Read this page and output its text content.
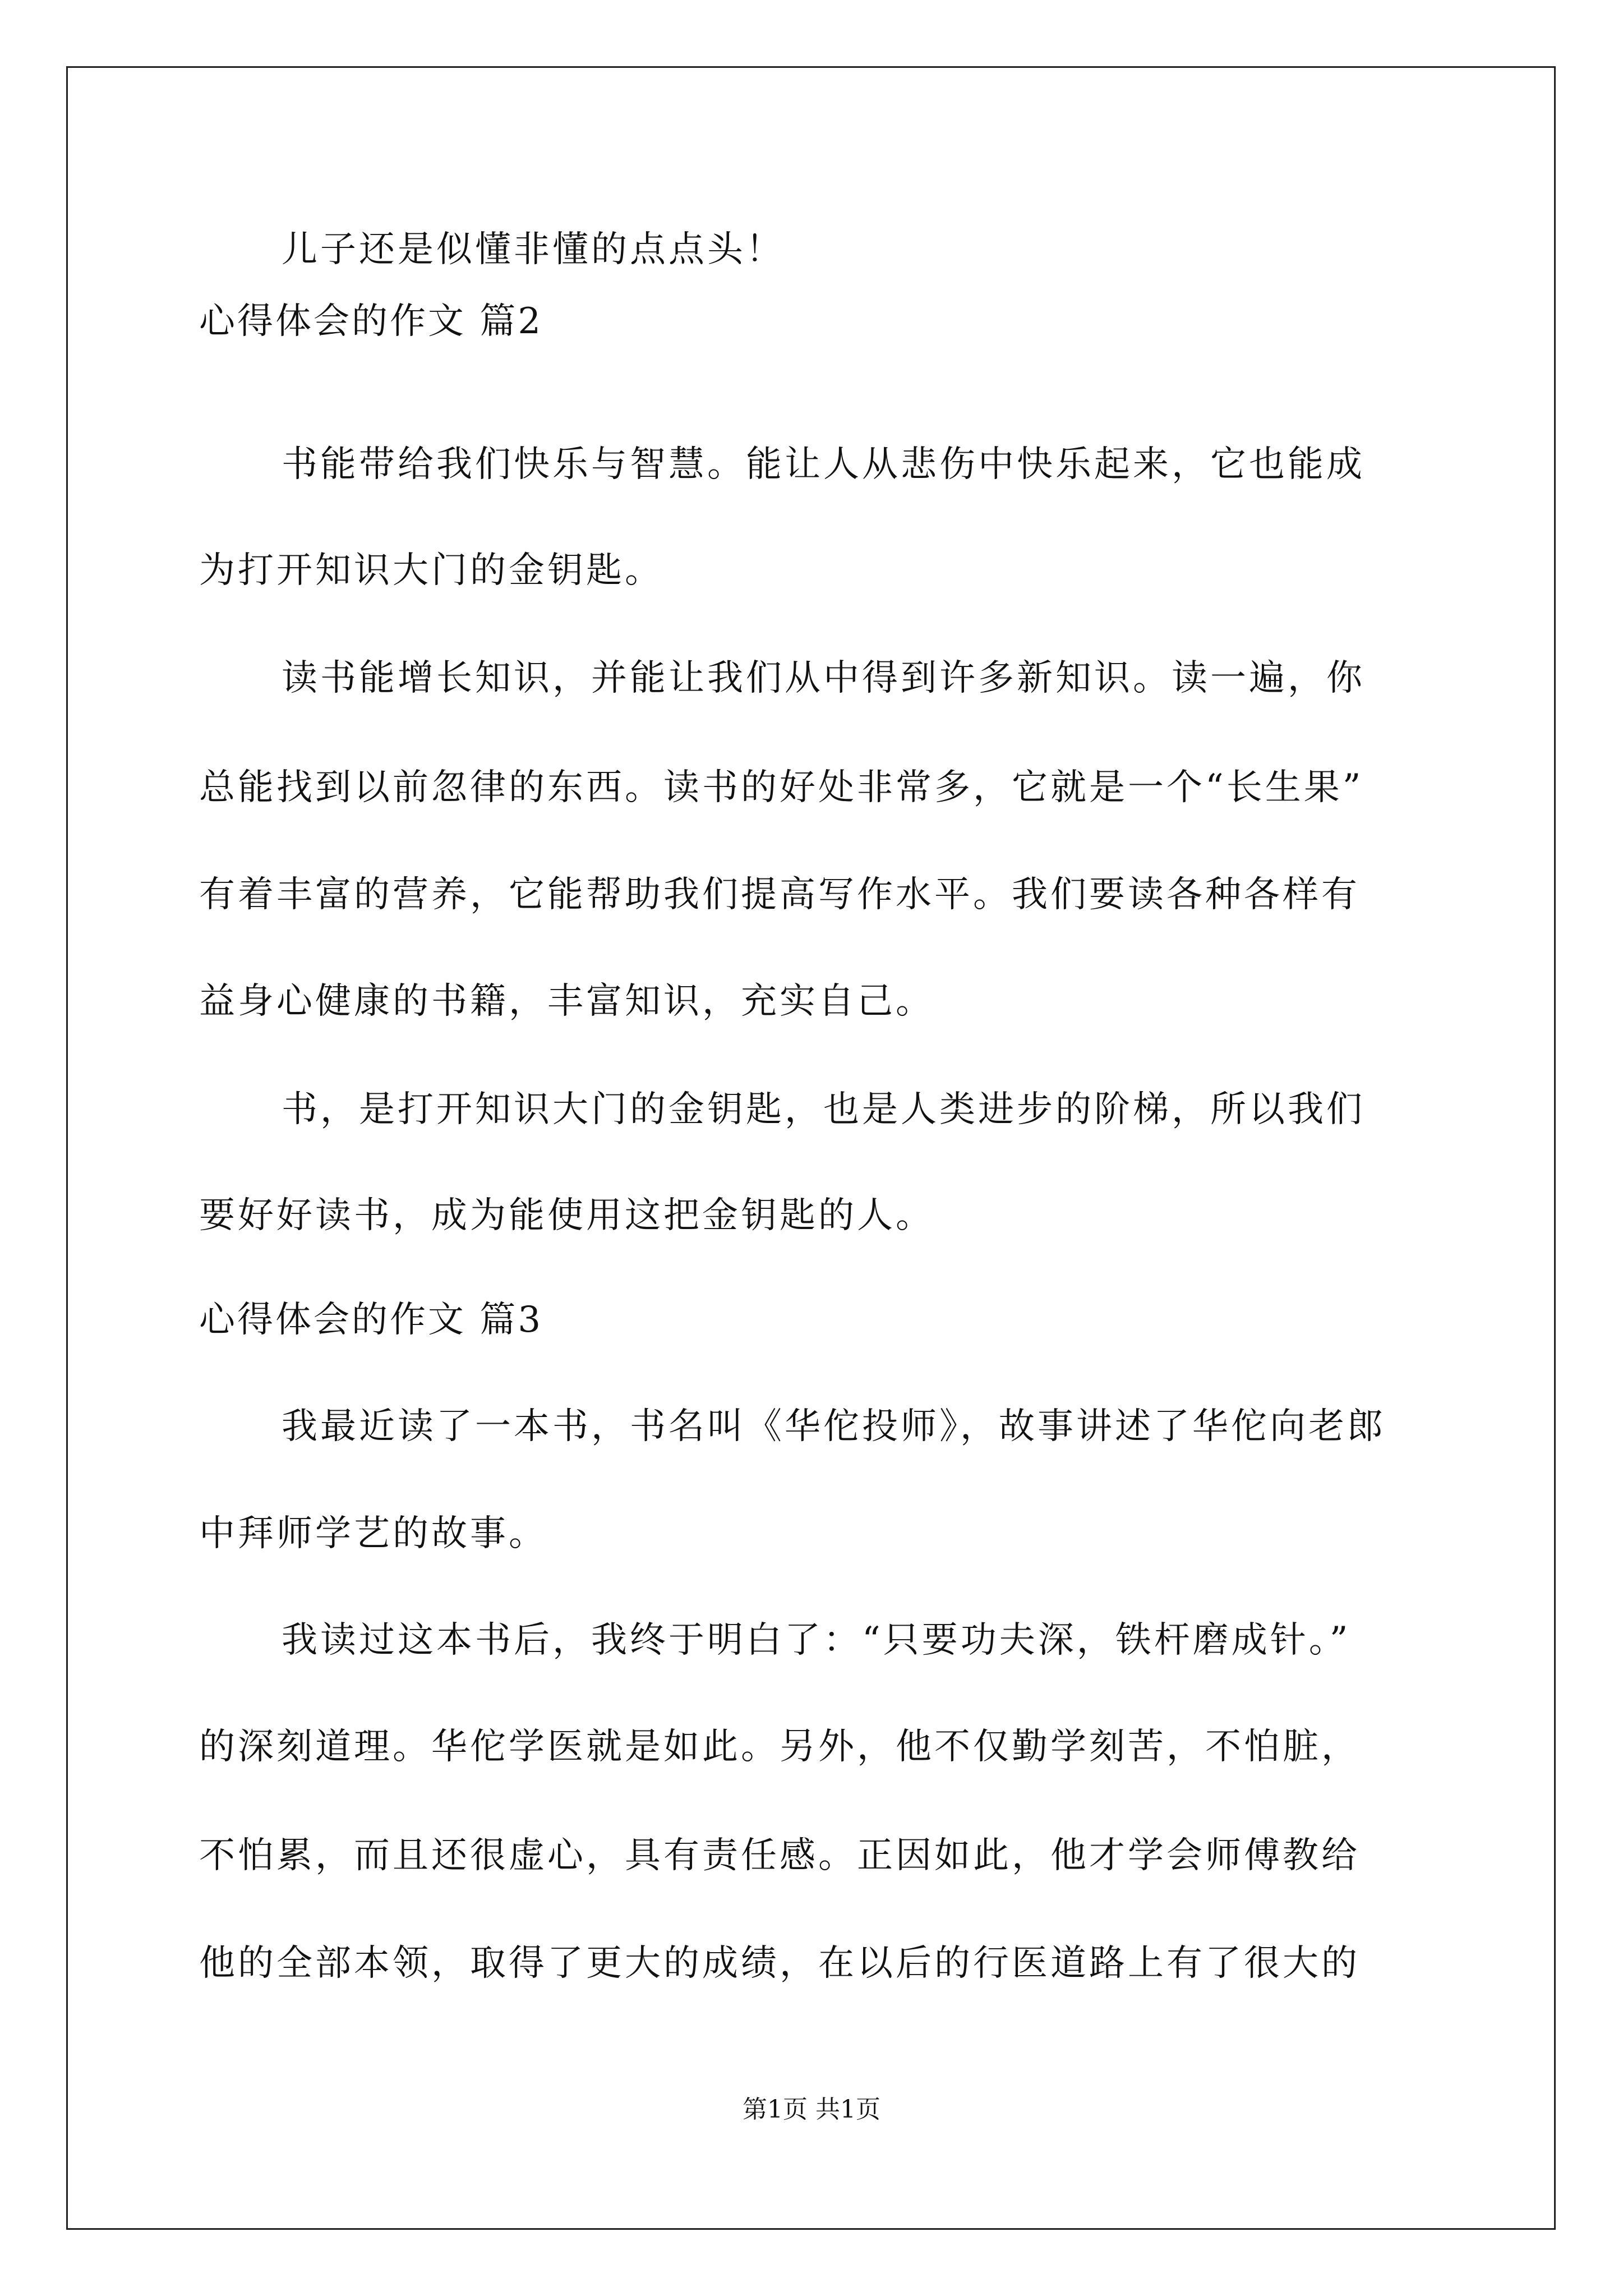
儿子还是似懂非懂的点点头！

心得体会的作文 篇2

书能带给我们快乐与智慧。能让人从悲伤中快乐起来，它也能成

为打开知识大门的金钥匙。

读书能增长知识，并能让我们从中得到许多新知识。读一遍，你

总能找到以前忽律的东西。读书的好处非常多，它就是一个“长生果”

有着丰富的营养，它能帮助我们提高写作水平。我们要读各种各样有

益身心健康的书籍，丰富知识，充实自己。

书，是打开知识大门的金钥匙，也是人类进步的阶梯，所以我们

要好好读书，成为能使用这把金钥匙的人。

心得体会的作文 篇3

我最近读了一本书，书名叫《华佗投师》，故事讲述了华佗向老郎

中拜师学艺的故事。

我读过这本书后，我终于明白了：“只要功夫深，铁杆磨成针。”

的深刻道理。华佗学医就是如此。另外，他不仅勤学刻苦，不怕脏，

不怕累，而且还很虚心，具有责任感。正因如此，他才学会师傅教给

他的全部本领，取得了更大的成绩，在以后的行医道路上有了很大的

第1页 共1页
